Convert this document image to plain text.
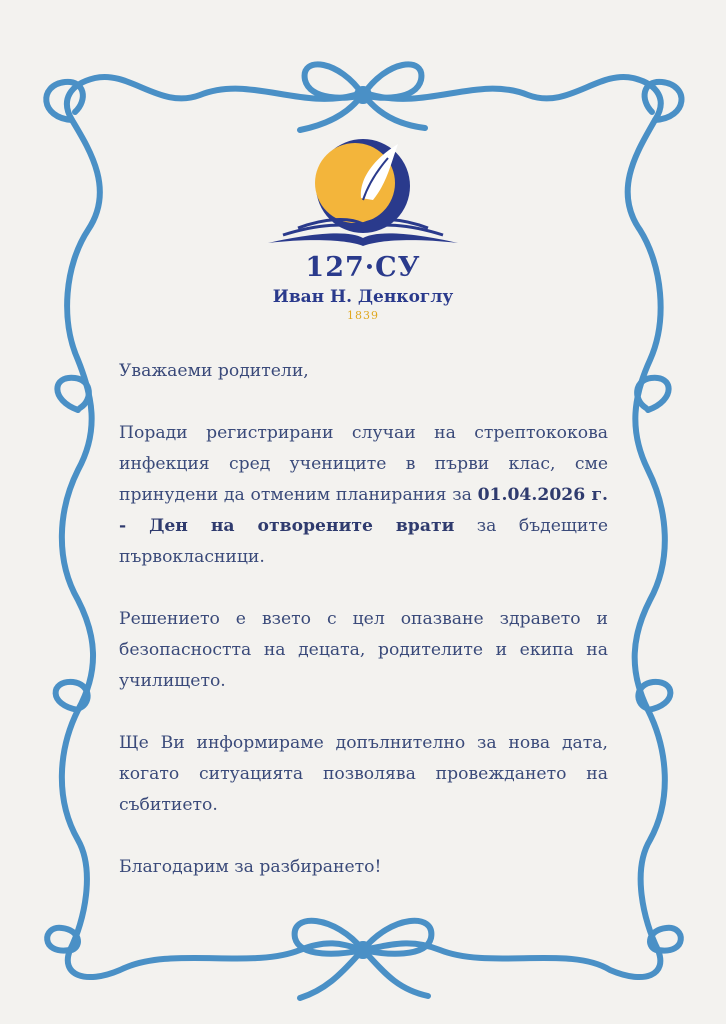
127·СУ
Иван Н. Денкоглу
1839

Уважаеми родители,

Поради регистрирани случаи на стрептококова инфекция сред учениците в първи клас, сме принудени да отменим планирания за 01.04.2026 г. - Ден на отворените врати за бъдещите първокласници.

Решението е взето с цел опазване здравето и безопасността на децата, родителите и екипа на училището.

Ще Ви информираме допълнително за нова дата, когато ситуацията позволява провеждането на събитието.

Благодарим за разбирането!
